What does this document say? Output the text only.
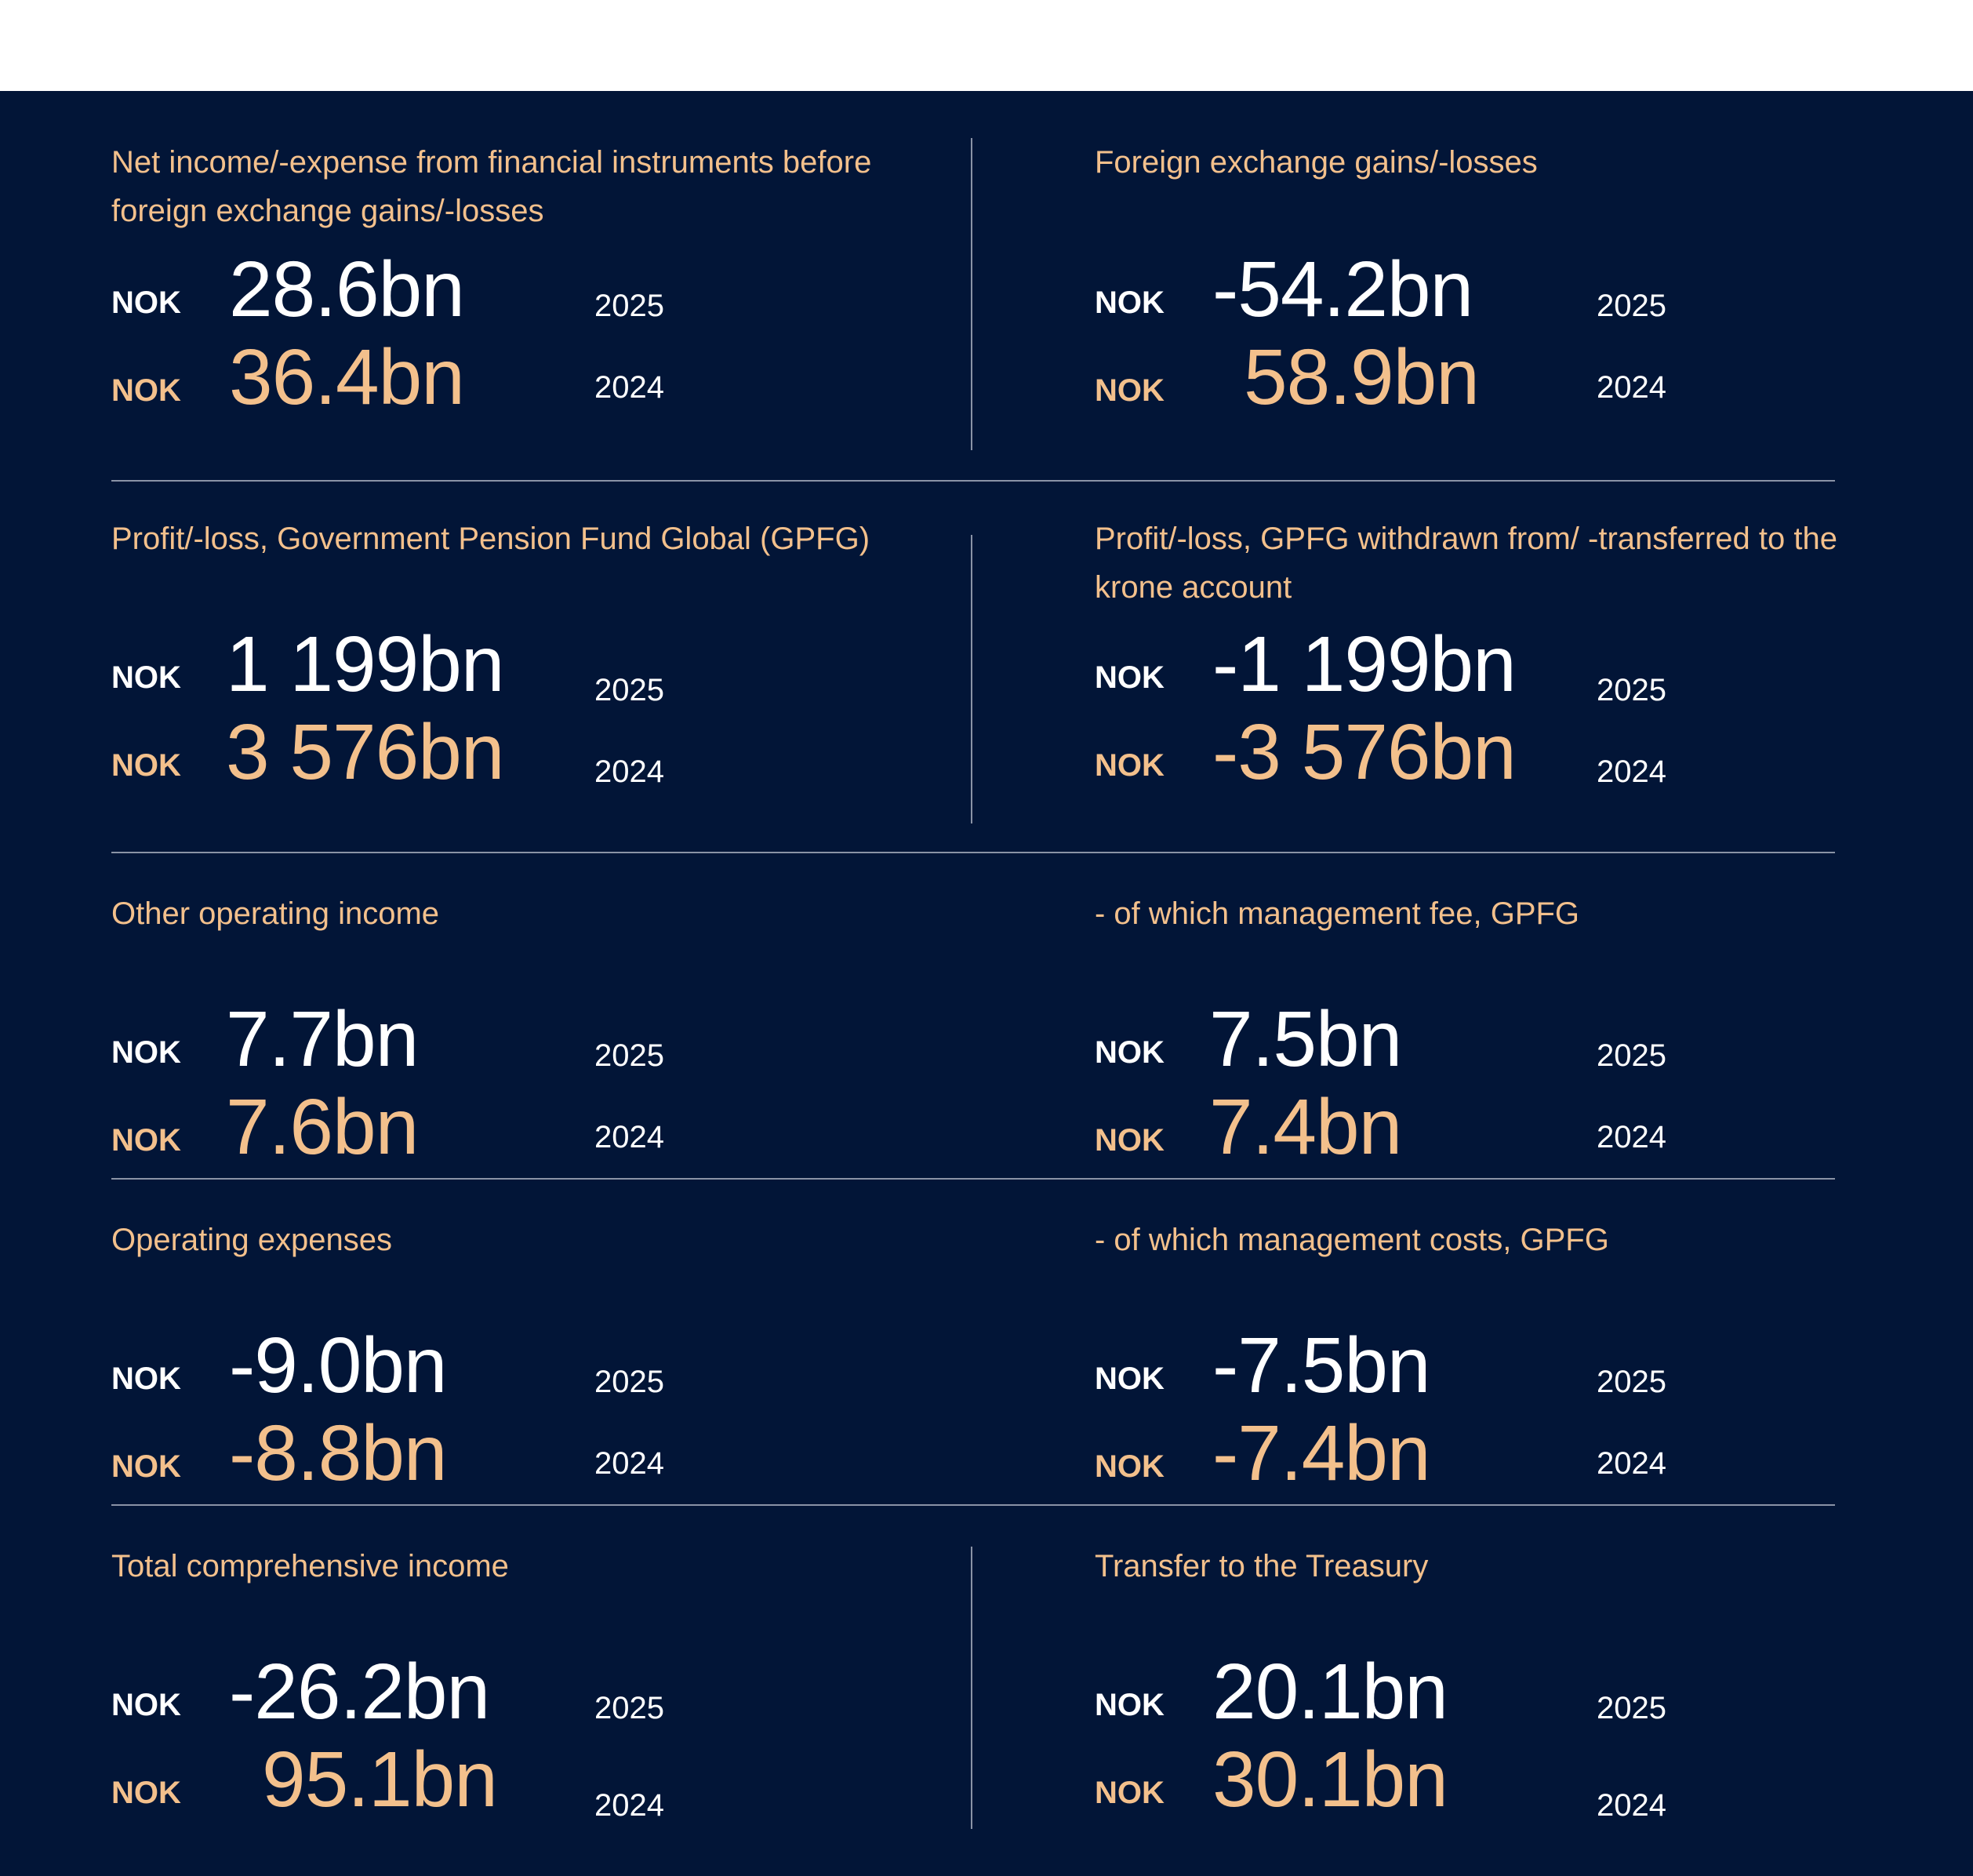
Net income/-expense from financial instruments before foreign exchange gains/-losses
NOK 28.6bn	2025
NOK 36.4bn	2024
Foreign exchange gains/-losses
NOK -54.2bn	2025
NOK 58.9bn	2024
Profit/-loss, Government Pension Fund Global (GPFG)
NOK 1 199bn	2025
NOK 3 576bn	2024
Profit/-loss, GPFG withdrawn from/ -transferred to the krone account
NOK -1 199bn	2025
NOK -3 576bn	2024
Other operating income
NOK 7.7bn	2025
NOK 7.6bn	2024
- of which management fee, GPFG
NOK 7.5bn	2025
NOK 7.4bn	2024
Operating expenses
NOK -9.0bn	2025
NOK -8.8bn	2024
- of which management costs, GPFG
NOK -7.5bn	2025
NOK -7.4bn	2024
Total comprehensive income
NOK -26.2bn	2025
NOK 95.1bn	2024
Transfer to the Treasury
NOK 20.1bn	2025
NOK 30.1bn	2024
